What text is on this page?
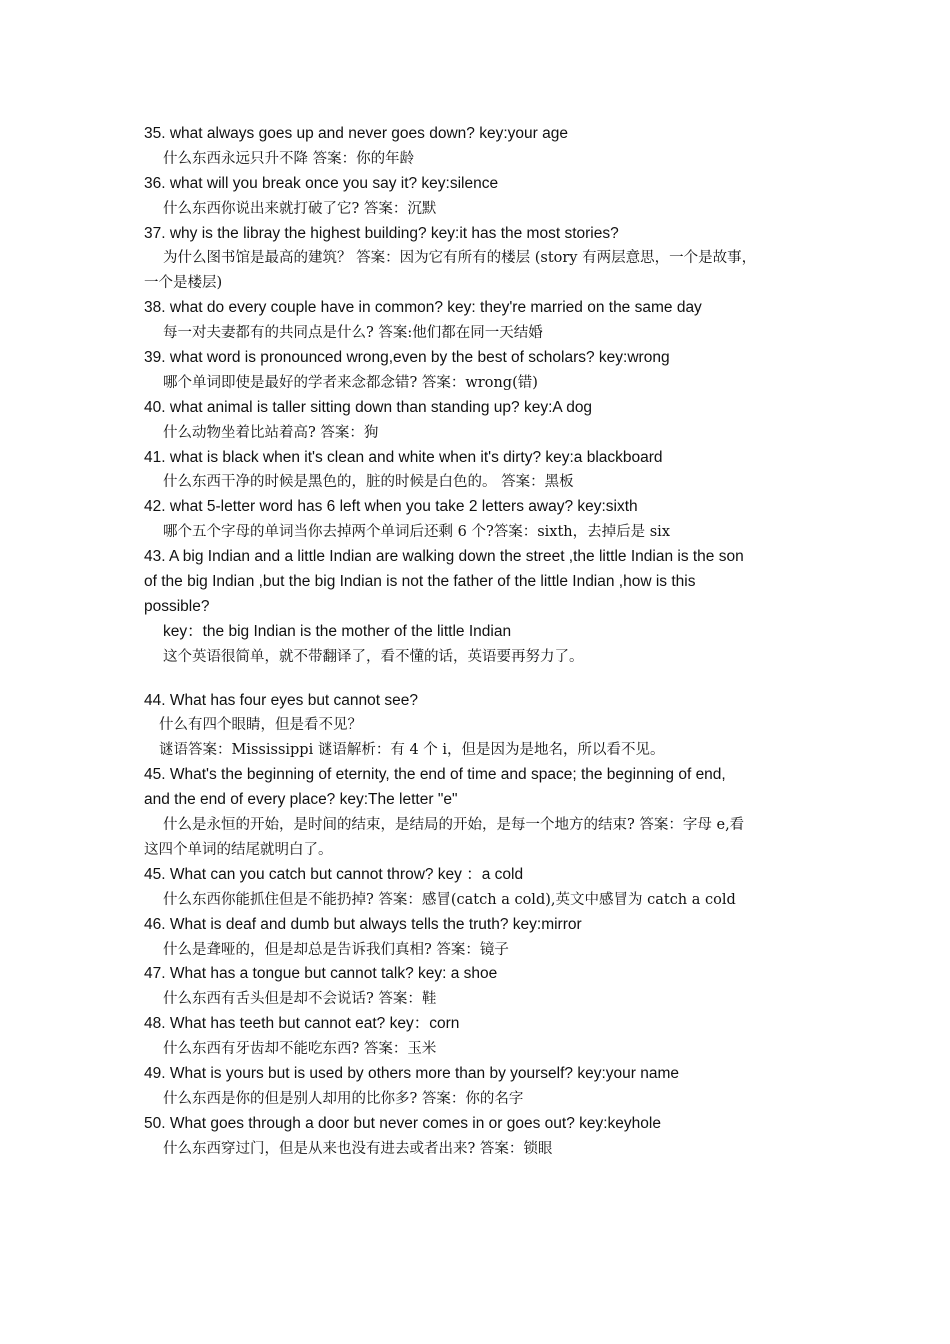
35. what always goes up and never goes down? key:your age
什么东西永远只升不降 答案：你的年龄
36. what will you break once you say it? key:silence
什么东西你说出来就打破了它? 答案：沉默
37. why is the libray the highest building? key:it has the most stories?
为什么图书馆是最高的建筑？ 答案：因为它有所有的楼层 (story 有两层意思，一个是故事，
一个是楼层)
38. what do every couple have in common? key: they're married on the same day
每一对夫妻都有的共同点是什么? 答案:他们都在同一天结婚
39. what word is pronounced wrong,even by the best of scholars? key:wrong
哪个单词即使是最好的学者来念都念错? 答案：wrong(错)
40. what animal is taller sitting down than standing up? key:A dog
什么动物坐着比站着高? 答案：狗
41. what is black when it's clean and white when it's dirty? key:a blackboard
什么东西干净的时候是黑色的，脏的时候是白色的。 答案：黑板
42. what 5-letter word has 6 left when you take 2 letters away? key:sixth
哪个五个字母的单词当你去掉两个单词后还剩 6 个?答案：sixth，去掉后是 six
43. A big Indian and a little Indian are walking down the street ,the little Indian is the son
of the big Indian ,but the big Indian is not the father of the little Indian ,how is this
possible?
key：the big Indian is the mother of the little Indian
这个英语很简单，就不带翻译了，看不懂的话，英语要再努力了。
44. What has four eyes but cannot see?
什么有四个眼睛，但是看不见？
谜语答案：Mississippi 谜语解析：有 4 个 i，但是因为是地名，所以看不见。
45. What's the beginning of eternity, the end of time and space; the beginning of end,
and the end of every place? key:The letter "e"
什么是永恒的开始，是时间的结束，是结局的开始，是每一个地方的结束? 答案：字母 e,看
这四个单词的结尾就明白了。
45. What can you catch but cannot throw? key ：a cold
什么东西你能抓住但是不能扔掉? 答案：感冒(catch a cold),英文中感冒为 catch a cold
46. What is deaf and dumb but always tells the truth? key:mirror
什么是聋哑的，但是却总是告诉我们真相? 答案：镜子
47. What has a tongue but cannot talk? key: a shoe
什么东西有舌头但是却不会说话? 答案：鞋
48. What has teeth but cannot eat? key：corn
什么东西有牙齿却不能吃东西? 答案：玉米
49. What is yours but is used by others more than by yourself? key:your name
什么东西是你的但是别人却用的比你多? 答案：你的名字
50. What goes through a door but never comes in or goes out? key:keyhole
什么东西穿过门，但是从来也没有进去或者出来? 答案：锁眼
